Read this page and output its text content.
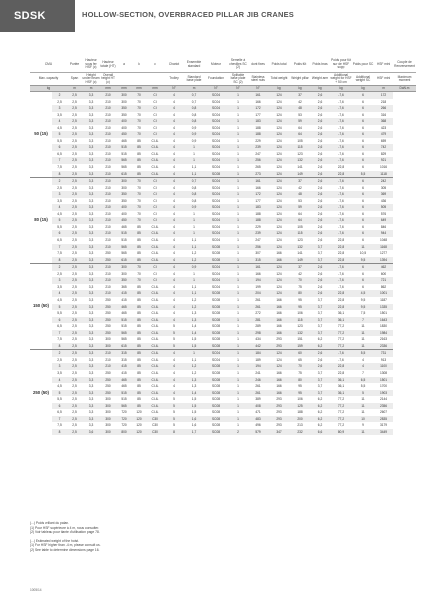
SDSK	HOLLOW-SECTION, OVERBRACED PILLAR JIB CRANES
CMU		Portée	Hauteur sous fer HSF (c)	Hauteur totale (HT)	a	k	c	Chariot	Ensemble standard	Moteur	Semelle à chevilles SC (2)	dont fixes	Poids total	Poids fût	Poids bras	Poids pour fût sur de HSF supp	Poids pour SC	HSF mini	Couple de Renversement
Max. capacity		Span	Height under beam HSF (c)	Overall height HT (c)				Trolley	Standard base plate	Foundation	Splitable base plate SC (2)	Stainless steel nuts	Total weight	Weight pillar	Weight arm	Additional weight for HSF + 50 cm	Additional weight SC	HSF mini	Maximum moment
kg		m	m	mm	mm	mm	mm	N°	m	N°	N°	N°	kg	kg	kg	kg	kg	m	DaN.m
50 (15)	2	2,5	3,3	210	300	70	CI	4	0,7	SC04	1	161	124	37	2,6	-7,6	6	172	
	2,5	2,5	3,3	210	300	70	CI	4	0,7	SC04	1	166	124	42	2,6	-7,6	6	218	
	3	2,5	3,3	210	350	70	CI	4	0,8	SC04	1	172	124	48	2,6	-7,6	6	266	
	3,5	2,5	3,3	210	350	70	CI	4	0,8	SC04	1	177	124	53	2,6	-7,6	6	316	
	4	2,5	3,3	210	400	70	CI	4	0,8	SC04	1	183	124	59	2,6	-7,6	6	368	
	4,5	2,5	3,3	210	400	70	CI	4	0,9	SC04	1	188	124	64	2,6	-7,6	6	423	
	5	2,5	3,3	210	450	70	CI	4	0,9	SC04	1	188	124	64	2,6	-7,6	6	479	
	5,5	2,5	3,3	210	465	85	CI-IL	4	0,9	SC04	1	229	124	105	2,6	-7,6	6	659	
	6	2,5	3,3	210	515	85	CI-IL	4	1	SC04	1	239	124	115	2,6	-7,6	6	742	
	6,5	2,5	3,3	210	515	85	CI-IL	4	1	SC04	1	247	124	123	2,6	-7,6	6	829	
	7	2,5	3,3	210	565	85	CI-IL	4	1	SC04	1	256	124	132	2,6	-7,6	6	921	
	7,5	2,5	3,3	210	565	85	CI-IL	4	1,1	SC04	1	265	124	141	2,6	22,8	6	1016	
	8	2,5	3,3	210	615	85	CI-IL	4	1,1	SC08	1	273	124	149	2,6	22,8	5,5	1118	
80 (15)	2	2,5	3,3	210	300	70	CI	4	0,7	SC04	1	161	124	37	2,6	-7,6	6	242	
	2,5	2,5	3,3	210	300	70	CI	4	0,8	SC04	1	166	124	42	2,6	-7,6	6	305	
	3	2,5	3,3	210	350	70	CI	4	0,8	SC04	1	172	124	48	2,6	-7,6	6	369	
	3,5	2,5	3,3	210	350	70	CI	4	0,8	SC04	1	177	124	53	2,6	-7,6	6	436	
	4	2,5	3,3	210	400	70	CI	4	0,9	SC04	1	183	124	59	2,6	-7,6	6	505	
	4,5	2,5	3,3	210	400	70	CI	4	1	SC04	1	188	124	64	2,6	-7,6	6	576	
	5	2,5	3,3	210	450	70	CI	4	1	SC04	1	188	124	64	2,6	-7,6	6	649	
	5,5	2,5	3,3	210	465	85	CI-IL	4	1	SC04	1	229	124	105	2,6	-7,6	6	846	
	6	2,5	3,3	210	515	85	CI-IL	4	1	SC04	1	239	124	115	2,6	-7,6	6	944	
	6,5	2,5	3,3	210	515	85	CI-IL	4	1,1	SC04	1	247	124	123	2,6	22,8	6	1048	
	7	2,5	3,3	210	565	85	CI-IL	4	1,1	SC08	1	256	124	132	3,7	22,8	11	1168	
	7,5	2,5	3,3	250	565	85	CI-IL	4	1,2	SC08	1	307	166	141	3,7	22,8	10,5	1277	
	8	2,5	3,3	250	615	85	CI-IL	4	1,2	SC08	1	315	166	149	3,7	22,8	9,5	1394	
150 (50)	2	2,5	3,3	210	300	70	CI	4	0,9	SC04	1	161	124	37	2,6	-7,6	6	462	
	2,5	2,5	3,3	210	300	70	CI	4	1	SC04	1	166	124	42	2,6	-7,6	6	600	
	3	2,5	3,3	210	350	70	CI	4	1	SC04	1	194	124	70	2,6	-7,6	6	721	
	3,5	2,5	3,3	210	365	85	CI-IL	4	1,1	SC04	1	199	124	75	2,6	-7,6	6	862	
	4	2,5	3,3	210	415	85	CI-IL	4	1,1	SC08	1	204	124	80	2,6	22,8	4,5	1001	
	4,5	2,5	3,3	250	415	85	CI-IL	4	1,2	SC08	1	261	166	95	3,7	22,8	9,5	1187	
	5	2,5	3,3	250	465	85	CI-IL	4	1,2	SC08	1	261	166	95	3,7	22,8	9,5	1335	
	5,5	2,5	3,3	250	465	85	CI-IL	4	1,3	SC08	1	272	166	106	3,7	36,1	7,5	1501	
	6	2,5	3,3	250	515	85	CI-IL	4	1,3	SC08	1	281	166	115	3,7	36,1	7	1643	
	6,5	2,5	3,3	250	515	85	CI-IL	5	1,4	SC08	1	289	166	123	3,7	77,2	11	1830	
	7	2,5	3,3	250	565	85	CI-IL	5	1,4	SC08	1	298	166	132	3,7	77,2	11	1984	
	7,5	2,5	3,3	300	565	85	CI-IL	5	1,5	SC08	1	434	293	151	6,2	77,2	11	2163	
	8	2,5	3,3	300	615	85	CI-IL	5	1,5	SC08	1	442	293	159	6,2	77,2	11	2336	
250 (50)	2	2,5	3,3	210	315	85	CI-IL	4	1	SC04	1	184	124	60	2,6	-7,6	5,5	731	
	2,5	2,5	3,3	210	315	85	CI-IL	4	1,1	SC04	1	189	124	65	2,6	-7,6	4	913	
	3	2,5	3,3	210	415	85	CI-IL	4	1,2	SC08	1	194	124	70	2,6	22,8	4	1100	
	3,5	2,5	3,3	250	415	85	CI-IL	4	1,2	SC08	1	241	166	75	3,7	22,8	7	1308	
	4	2,5	3,3	250	465	85	CI-IL	4	1,3	SC08	1	246	166	80	3,7	36,1	6,5	1501	
	4,5	2,5	3,3	250	465	85	CI-IL	4	1,3	SC08	1	261	166	95	3,7	36,1	5,5	1700	
	5	2,5	3,3	250	515	85	CI-IL	4	1,4	SC08	1	261	166	95	3,7	36,1	5	1903	
	5,5	2,5	3,3	300	515	85	CI-IL	5	1,5	SC08	1	389	293	106	6,2	77,2	11	2144	
	6	2,5	3,3	300	565	85	CI-IL	5	1,5	SC08	1	408	293	125	6,2	77,2	11	2356	
	6,5	2,5	3,3	300	720	120	CI-IL	5	1,5	SC08	1	471	293	188	6,2	77,2	11	2607	
	7	2,5	3,3	300	720	120	C30	5	1,6	SC08	1	483	293	200	6,2	77,2	10	2835	
	7,5	2,5	3,3	300	720	120	C30	5	1,6	SC08	1	496	293	213	6,2	77,2	9	3179	
	8	2,5	3,6	300	800	120	C30	8	1,7	SC08	2	579	347	232	6,6	80,9	11	3449	
(...) Poids vrillant du palan.
(1) Pour HSF supérieure à 4 m, nous consulter.
(2) Voir tableau pour tiante d'utilisation page 78.
(...) Estimated weight of the hoist.
(1) For HSF higher than -4 m, please consult us.
(2) See table to determine dimensions page 16.
1005/14
